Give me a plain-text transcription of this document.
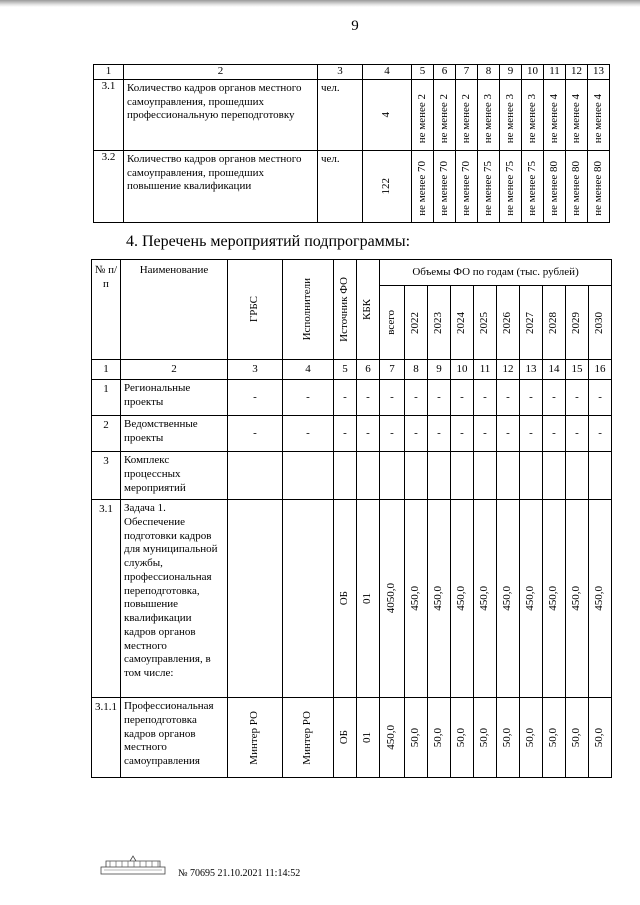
9
1	2	3	4	5	6	7	8	9	10	11	12	13
3.1	Количество кадров органов местного самоуправления, прошедших профессиональную переподготовку	чел.	4	не менее 2	не менее 2	не менее 2	не менее 3	не менее 3	не менее 3	не менее 4	не менее 4	не менее 4

3.2	Количество кадров органов местного самоуправления, прошедших повышение квалификации	чел.	122	не менее 70	не менее 70	не менее 70	не менее 75	не менее 75	не менее 75	не менее 80	не менее 80	не менее 80
4. Перечень мероприятий подпрограммы:
№ п/п	Наименование	ГРБС	Исполнители	Источник ФО	КБК	Объемы ФО по годам (тыс. рублей)									

						всего	2022	2023	2024	2025	2026	2027	2028	2029	2030

1	2	3	4	5	6	7	8	9	10	11	12	13	14	15	16
1	Региональные проекты	-	-	-	-	-	-	-	-	-	-	-	-	-	-
2	Ведомственные проекты	-	-	-	-	-	-	-	-	-	-	-	-	-	-
3	Комплекс процессных мероприятий														
3.1	Задача 1. Обеспечение подготовки кадров для муниципальной службы, профессиональная переподготовка, повышение квалификации кадров органов местного самоуправления, в том числе:			ОБ	01	4050,0	450,0	450,0	450,0	450,0	450,0	450,0	450,0	450,0	450,0

3.1.1	Профессиональная переподготовка кадров органов местного самоуправления	Минтер РО	Минтер РО	ОБ	01	450,0	50,0	50,0	50,0	50,0	50,0	50,0	50,0	50,0	50,0
№ 70695 21.10.2021 11:14:52
